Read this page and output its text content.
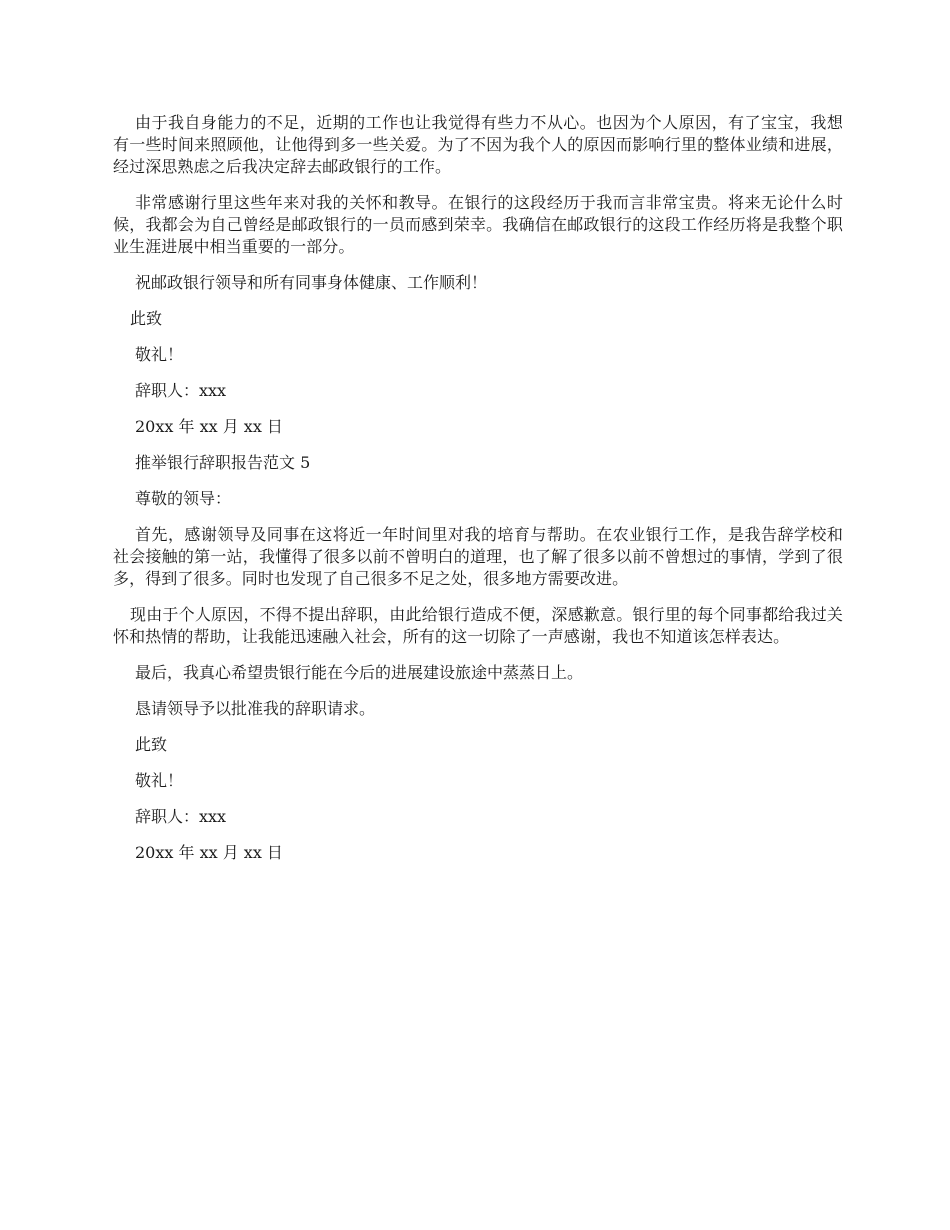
由于我自身能力的不足，近期的工作也让我觉得有些力不从心。也因为个人原因，有了宝宝，我想有一些时间来照顾他，让他得到多一些关爱。为了不因为我个人的原因而影响行里的整体业绩和进展，经过深思熟虑之后我决定辞去邮政银行的工作。

非常感谢行里这些年来对我的关怀和教导。在银行的这段经历于我而言非常宝贵。将来无论什么时候，我都会为自己曾经是邮政银行的一员而感到荣幸。我确信在邮政银行的这段工作经历将是我整个职业生涯进展中相当重要的一部分。

祝邮政银行领导和所有同事身体健康、工作顺利！

此致

敬礼！

辞职人：xxx

20xx 年 xx 月 xx 日

推举银行辞职报告范文 5

尊敬的领导：

首先，感谢领导及同事在这将近一年时间里对我的培育与帮助。在农业银行工作，是我告辞学校和社会接触的第一站，我懂得了很多以前不曾明白的道理，也了解了很多以前不曾想过的事情，学到了很多，得到了很多。同时也发现了自己很多不足之处，很多地方需要改进。

现由于个人原因，不得不提出辞职，由此给银行造成不便，深感歉意。银行里的每个同事都给我过关怀和热情的帮助，让我能迅速融入社会，所有的这一切除了一声感谢，我也不知道该怎样表达。

最后，我真心希望贵银行能在今后的进展建设旅途中蒸蒸日上。

恳请领导予以批准我的辞职请求。

此致

敬礼！

辞职人：xxx

20xx 年 xx 月 xx 日
